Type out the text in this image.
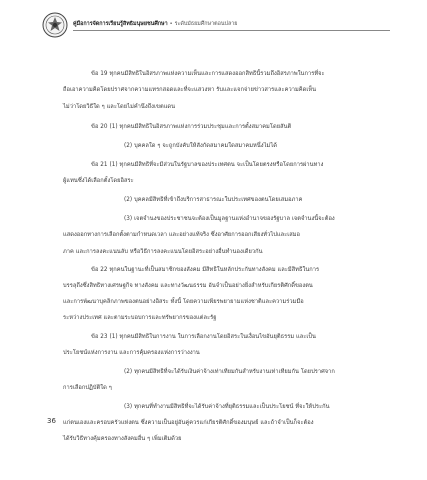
คู่มือการจัดการเรียนรู้สิทธิมนุษยชนศึกษา • ระดับมัธยมศึกษาตอนปลาย
ข้อ 19 ทุกคนมีสิทธิในอิสรภาพแห่งความเห็นและการแสดงออกสิทธินี้รวมถึงอิสรภาพในการที่จะ
ถือเอาความคิดโดยปราศจากความแทรกสอดและที่จะแสวงหา รับและแจกจ่ายข่าวสารและความคิดเห็น
ไม่ว่าโดยวิธีใด ๆ และโดยไม่คำนึงถึงเขตแดน
ข้อ 20 (1) ทุกคนมีสิทธิในอิสรภาพแห่งการร่วมประชุมและการตั้งสมาคมโดยสันติ
(2) บุคคลใด ๆ จะถูกบังคับให้สังกัดสมาคมใดสมาคมหนึ่งไม่ได้
ข้อ 21 (1) ทุกคนมีสิทธิที่จะมีส่วนในรัฐบาลของประเทศตน จะเป็นโดยตรงหรือโดยการผ่านทาง
ผู้แทนซึ่งได้เลือกตั้งโดยอิสระ
(2) บุคคลมีสิทธิที่เข้าถึงบริการสาธารณะในประเทศของตนโดยเสมอภาค
(3) เจตจำนงของประชาชนจะต้องเป็นมูลฐานแห่งอำนาจของรัฐบาล เจตจำนงนี้จะต้อง
แสดงออกทางการเลือกตั้งตามกำหนดเวลา และอย่างแท้จริง ซึ่งอาศัยการออกเสียงทั่วไปและเสมอ
ภาค และการลงคะแนนลับ หรือวิธีการลงคะแนนโดยอิสระอย่างอื่นทำนองเดียวกัน
ข้อ 22 ทุกคนในฐานะที่เป็นสมาชิกของสังคม มีสิทธิในหลักประกันทางสังคม และมีสิทธิในการ
บรรลุถึงซึ่งสิทธิทางเศรษฐกิจ ทางสังคม และทางวัฒนธรรม อันจำเป็นอย่างยิ่งสำหรับเกียรติศักดิ์ของตน
และการพัฒนาบุคลิกภาพของตนอย่างอิสระ ทั้งนี้ โดยความเพียรพยายามแห่งชาติและความร่วมมือ
ระหว่างประเทศ และตามระบอบการและทรัพยากรของแต่ละรัฐ
ข้อ 23 (1) ทุกคนมีสิทธิในการงาน ในการเลือกงานโดยอิสระในเงื่อนไขอันยุติธรรม และเป็น
ประโยชน์แห่งการงาน และการคุ้มครองแห่งการว่างงาน
(2) ทุกคนมีสิทธิที่จะได้รับเงินค่าจ้างเท่าเทียมกันสำหรับงานเท่าเทียมกัน โดยปราศจาก
การเลือกปฏิบัติใด ๆ
(3) ทุกคนที่ทำงานมีสิทธิที่จะได้รับค่าจ้างที่ยุติธรรมและเป็นประโยชน์ ที่จะให้ประกัน
แก่ตนเองและครอบครัวแห่งตน ซึ่งความเป็นอยู่อันคู่ควรแก่เกียรติศักดิ์ของมนุษย์ และถ้าจำเป็นก็จะต้อง
ได้รับวิธีทางคุ้มครองทางสังคมอื่น ๆ เพิ่มเติมด้วย
36
